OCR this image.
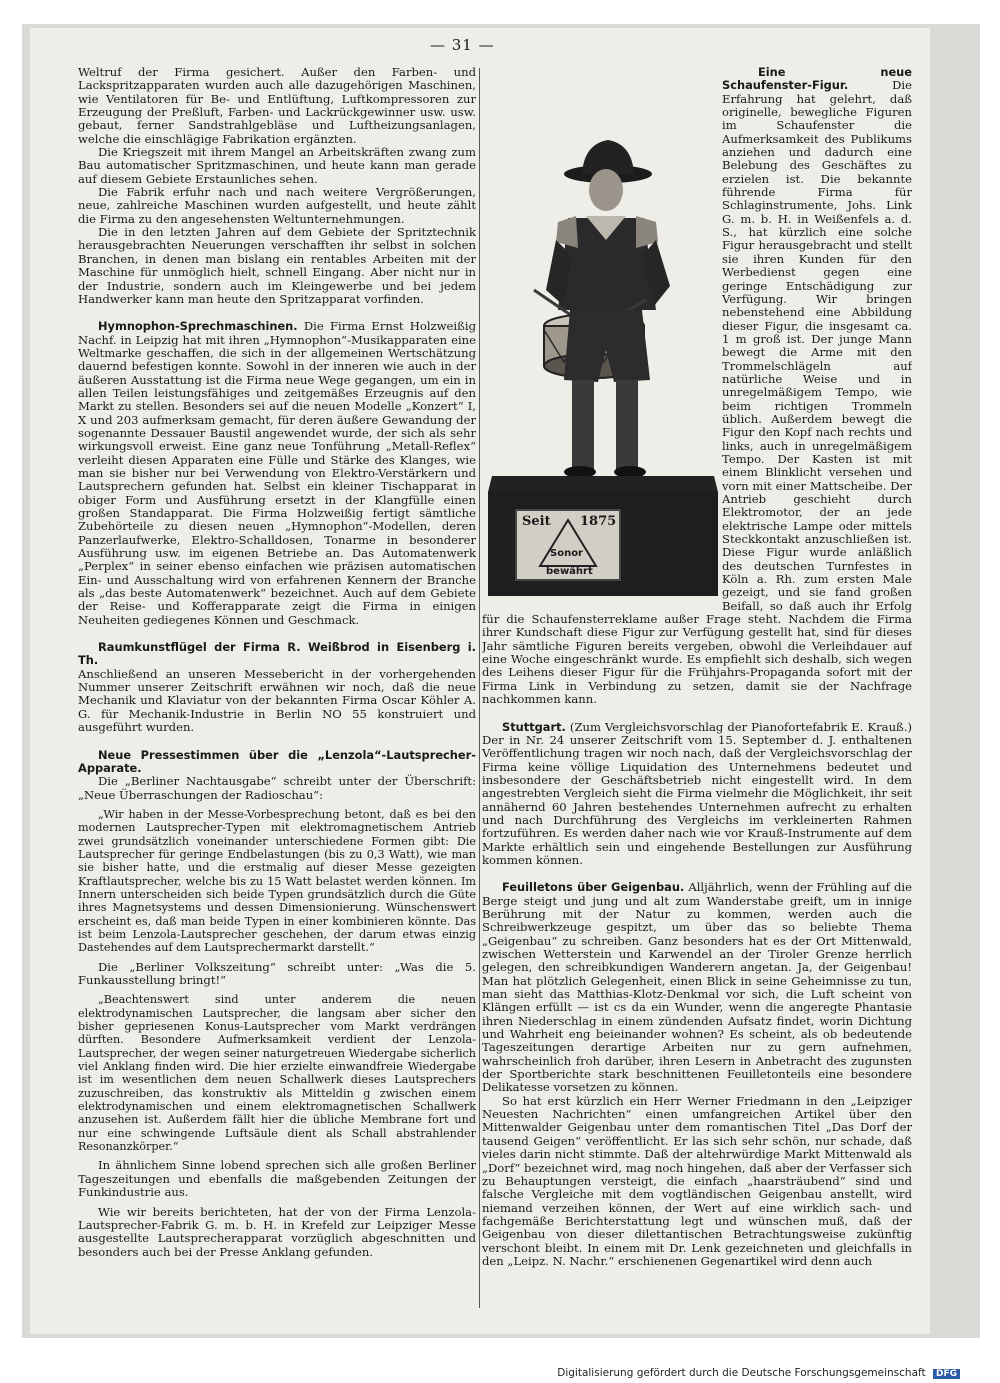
— 31 —

Weltruf der Firma gesichert. Außer den Farben- und Lackspritzapparaten wurden auch alle dazugehörigen Maschinen, wie Ventilatoren für Be- und Entlüftung, Luftkompressoren zur Erzeugung der Preßluft, Farben- und Lackrückgewinner usw. usw. gebaut, ferner Sandstrahlgebläse und Luftheizungsanlagen, welche die einschlägige Fabrikation ergänzten.

Die Kriegszeit mit ihrem Mangel an Arbeitskräften zwang zum Bau automatischer Spritzmaschinen, und heute kann man gerade auf diesem Gebiete Erstaunliches sehen.

Die Fabrik erfuhr nach und nach weitere Vergrößerungen, neue, zahlreiche Maschinen wurden aufgestellt, und heute zählt die Firma zu den angesehensten Weltunternehmungen.

Die in den letzten Jahren auf dem Gebiete der Spritztechnik herausgebrachten Neuerungen verschafften ihr selbst in solchen Branchen, in denen man bislang ein rentables Arbeiten mit der Maschine für unmöglich hielt, schnell Eingang. Aber nicht nur in der Industrie, sondern auch im Kleingewerbe und bei jedem Handwerker kann man heute den Spritzapparat vorfinden.

Hymnophon-Sprechmaschinen. Die Firma Ernst Holzweißig Nachf. in Leipzig hat mit ihren „Hymnophon“-Musikapparaten eine Weltmarke geschaffen, die sich in der allgemeinen Wertschätzung dauernd befestigen konnte. Sowohl in der inneren wie auch in der äußeren Ausstattung ist die Firma neue Wege gegangen, um ein in allen Teilen leistungsfähiges und zeitgemäßes Erzeugnis auf den Markt zu stellen. Besonders sei auf die neuen Modelle „Konzert“ I, X und 203 aufmerksam gemacht, für deren äußere Gewandung der sogenannte Dessauer Baustil angewendet wurde, der sich als sehr wirkungsvoll erweist. Eine ganz neue Tonführung „Metall-Reflex“ verleiht diesen Apparaten eine Fülle und Stärke des Klanges, wie man sie bisher nur bei Verwendung von Elektro-Verstärkern und Lautsprechern gefunden hat. Selbst ein kleiner Tischapparat in obiger Form und Ausführung ersetzt in der Klangfülle einen großen Standapparat. Die Firma Holzweißig fertigt sämtliche Zubehörteile zu diesen neuen „Hymnophon“-Modellen, deren Panzerlaufwerke, Elektro-Schalldosen, Tonarme in besonderer Ausführung usw. im eigenen Betriebe an. Das Automatenwerk „Perplex“ in seiner ebenso einfachen wie präzisen automatischen Ein- und Ausschaltung wird von erfahrenen Kennern der Branche als „das beste Automatenwerk“ bezeichnet. Auch auf dem Gebiete der Reise- und Kofferapparate zeigt die Firma in einigen Neuheiten gediegenes Können und Geschmack.

Raumkunstflügel der Firma R. Weißbrod in Eisenberg i. Th.

Anschließend an unseren Messebericht in der vorhergehenden Nummer unserer Zeitschrift erwähnen wir noch, daß die neue Mechanik und Klaviatur von der bekannten Firma Oscar Köhler A. G. für Mechanik-Industrie in Berlin NO 55 konstruiert und ausgeführt wurden.

Neue Pressestimmen über die „Lenzola“-Lautsprecher-Apparate.

Die „Berliner Nachtausgabe“ schreibt unter der Überschrift: „Neue Überraschungen der Radioschau“:

„Wir haben in der Messe-Vorbesprechung betont, daß es bei den modernen Lautsprecher-Typen mit elektromagnetischem Antrieb zwei grundsätzlich voneinander unterschiedene Formen gibt: Die Lautsprecher für geringe Endbelastungen (bis zu 0,3 Watt), wie man sie bisher hatte, und die erstmalig auf dieser Messe gezeigten Kraftlautsprecher, welche bis zu 15 Watt belastet werden können. Im Innern unterscheiden sich beide Typen grundsätzlich durch die Güte ihres Magnetsystems und dessen Dimensionierung. Wünschenswert erscheint es, daß man beide Typen in einer kombinieren könnte. Das ist beim Lenzola-Lautsprecher geschehen, der darum etwas einzig Dastehendes auf dem Lautsprechermarkt darstellt.“

Die „Berliner Volkszeitung“ schreibt unter: „Was die 5. Funkausstellung bringt!“

„Beachtenswert sind unter anderem die neuen elektrodynamischen Lautsprecher, die langsam aber sicher den bisher gepriesenen Konus-Lautsprecher vom Markt verdrängen dürften. Besondere Aufmerksamkeit verdient der Lenzola-Lautsprecher, der wegen seiner naturgetreuen Wiedergabe sicherlich viel Anklang finden wird. Die hier erzielte einwandfreie Wiedergabe ist im wesentlichen dem neuen Schallwerk dieses Lautsprechers zuzuschreiben, das konstruktiv als Mitteldin g zwischen einem elektrodynamischen und einem elektromagnetischen Schallwerk anzusehen ist. Außerdem fällt hier die übliche Membrane fort und nur eine schwingende Luftsäule dient als Schall abstrahlender Resonanzkörper.“

In ähnlichem Sinne lobend sprechen sich alle großen Berliner Tageszeitungen und ebenfalls die maßgebenden Zeitungen der Funkindustrie aus.

Wie wir bereits berichteten, hat der von der Firma Lenzola-Lautsprecher-Fabrik G. m. b. H. in Krefeld zur Leipziger Messe ausgestellte Lautsprecherapparat vorzüglich abgeschnitten und besonders auch bei der Presse Anklang gefunden.

Eine neue Schaufenster-Figur.	Die Erfahrung hat gelehrt, daß originelle, bewegliche Figuren im Schaufenster die Aufmerksamkeit des Publikums anziehen und dadurch eine Belebung des Geschäftes zu erzielen ist. Die bekannte führende Firma für Schlaginstrumente, Johs. Link G. m. b. H. in Weißenfels a. d. S., hat kürzlich eine solche Figur herausgebracht und stellt sie ihren Kunden für den Werbedienst gegen eine geringe Entschädigung zur Verfügung. Wir bringen nebenstehend eine Abbildung dieser Figur, die insgesamt ca. 1 m groß ist. Der junge Mann bewegt die Arme mit den Trommelschlägeln auf natürliche Weise und in unregelmäßigem Tempo, wie beim richtigen Trommeln üblich. Außerdem bewegt die Figur den Kopf nach rechts und links, auch in unregelmäßigem Tempo. Der Kasten ist mit einem Blinklicht versehen und vorn mit einer Mattscheibe. Der Antrieb geschieht durch Elektromotor, der an jede elektrische Lampe oder mittels Steckkontakt anzuschließen ist. Diese Figur wurde anläßlich des deutschen Turnfestes in Köln a. Rh. zum ersten Male gezeigt, und sie fand großen Beifall, so daß auch ihr Erfolg für die Schaufensterreklame außer Frage steht. Nachdem die Firma ihrer Kundschaft diese Figur zur Verfügung gestellt hat, sind für dieses Jahr sämtliche Figuren bereits vergeben, obwohl die Verleihdauer auf eine Woche eingeschränkt wurde. Es empfiehlt sich deshalb, sich wegen des Leihens dieser Figur für die Frühjahrs-Propaganda sofort mit der Firma Link in Verbindung zu setzen, damit sie der Nachfrage nachkommen kann.

Stuttgart. (Zum Vergleichsvorschlag der Pianofortefabrik E. Krauß.) Der in Nr. 24 unserer Zeitschrift vom 15. September d. J. enthaltenen Veröffentlichung tragen wir noch nach, daß der Vergleichsvorschlag der Firma keine völlige Liquidation des Unternehmens bedeutet und insbesondere der Geschäftsbetrieb nicht eingestellt wird. In dem angestrebten Vergleich sieht die Firma vielmehr die Möglichkeit, ihr seit annähernd 60 Jahren bestehendes Unternehmen aufrecht zu erhalten und nach Durchführung des Vergleichs im verkleinerten Rahmen fortzuführen. Es werden daher nach wie vor Krauß-Instrumente auf dem Markte erhältlich sein und eingehende Bestellungen zur Ausführung kommen können.

Feuilletons über Geigenbau. Alljährlich, wenn der Frühling auf die Berge steigt und jung und alt zum Wanderstabe greift, um in innige Berührung mit der Natur zu kommen, werden auch die Schreibwerkzeuge gespitzt, um über das so beliebte Thema „Geigenbau“ zu schreiben. Ganz besonders hat es der Ort Mittenwald, zwischen Wetterstein und Karwendel an der Tiroler Grenze herrlich gelegen, den schreibkundigen Wanderern angetan. Ja, der Geigenbau! Man hat plötzlich Gelegenheit, einen Blick in seine Geheimnisse zu tun, man sieht das Matthias-Klotz-Denkmal vor sich, die Luft scheint von Klängen erfüllt — ist cs da ein Wunder, wenn die angeregte Phantasie ihren Niederschlag in einem zündenden Aufsatz findet, worin Dichtung und Wahrheit eng beieinander wohnen? Es scheint, als ob bedeutende Tageszeitungen derartige Arbeiten nur zu gern aufnehmen, wahrscheinlich froh darüber, ihren Lesern in Anbetracht des zugunsten der Sportberichte stark beschnittenen Feuilletonteils eine besondere Delikatesse vorsetzen zu können.

So hat erst kürzlich ein Herr Werner Friedmann in den „Leipziger Neuesten Nachrichten“ einen umfangreichen Artikel über den Mittenwalder Geigenbau unter dem romantischen Titel „Das Dorf der tausend Geigen“ veröffentlicht. Er las sich sehr schön, nur schade, daß vieles darin nicht stimmte. Daß der altehrwürdige Markt Mittenwald als „Dorf“ bezeichnet wird, mag noch hingehen, daß aber der Verfasser sich zu Behauptungen versteigt, die einfach „haarsträubend“ sind und falsche Vergleiche mit dem vogtländischen Geigenbau anstellt, wird niemand verzeihen können, der Wert auf eine wirklich sach- und fachgemäße Berichterstattung legt und wünschen muß, daß der Geigenbau von dieser dilettantischen Betrachtungsweise zukünftig verschont bleibt. In einem mit Dr. Lenk gezeichneten und gleichfalls in den „Leipz. N. Nachr.“ erschienenen Gegenartikel wird denn auch

Seit 1875
Sonor
bewährt
Digitalisierung gefördert durch die Deutsche Forschungsgemeinschaft DFG
